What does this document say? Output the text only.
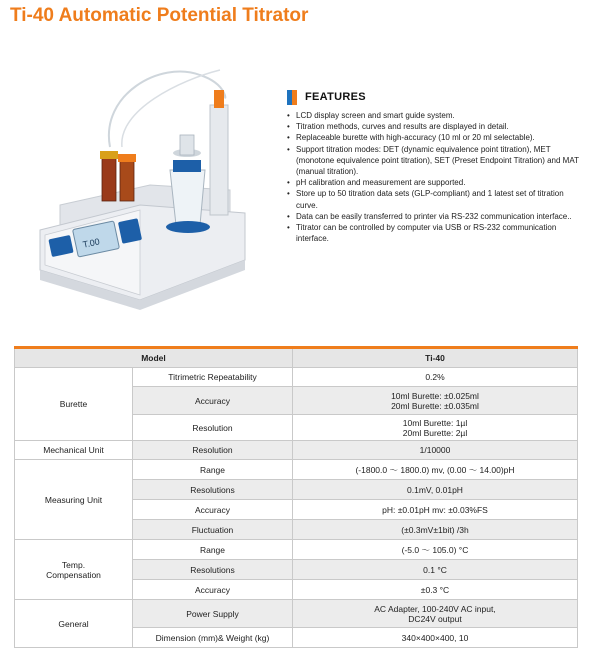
Ti-40 Automatic Potential Titrator
T.00
FEATURES
• LCD display screen and smart guide system.
• Titration methods, curves and results are displayed in detail.
• Replaceable burette with high-accuracy (10 ml or 20 ml selectable).
• Support titration modes: DET (dynamic equivalence point titration), MET (monotone equivalence point titration), SET (Preset Endpoint Titration) and MAT (manual titration).
• pH calibration and measurement are supported.
• Store up to 50 titration data sets (GLP-compliant) and 1 latest set of titration curve.
• Data can be easily transferred to printer via RS-232 communication interface..
• Titrator can be controlled by computer via USB or RS-232 communication interface.
Model		Ti-40
Burette	Titrimetric Repeatability	0.2%
	Accuracy	10ml Burette: ±0.025ml
20ml Burette: ±0.035ml
	Resolution	10ml Burette: 1µl
20ml Burette: 2µl
Mechanical Unit	Resolution	1/10000
Measuring Unit	Range	(-1800.0 ～ 1800.0) mv, (0.00 ～ 14.00)pH
	Resolutions	0.1mV, 0.01pH
	Accuracy	pH: ±0.01pH mv: ±0.03%FS
	Fluctuation	(±0.3mV±1bit) /3h
Temp.
Compensation	Range	(-5.0 ～ 105.0) °C
	Resolutions	0.1 °C
	Accuracy	±0.3 °C
General	Power Supply	AC Adapter, 100-240V AC input,
DC24V output
	Dimension (mm)& Weight (kg)	340×400×400, 10
